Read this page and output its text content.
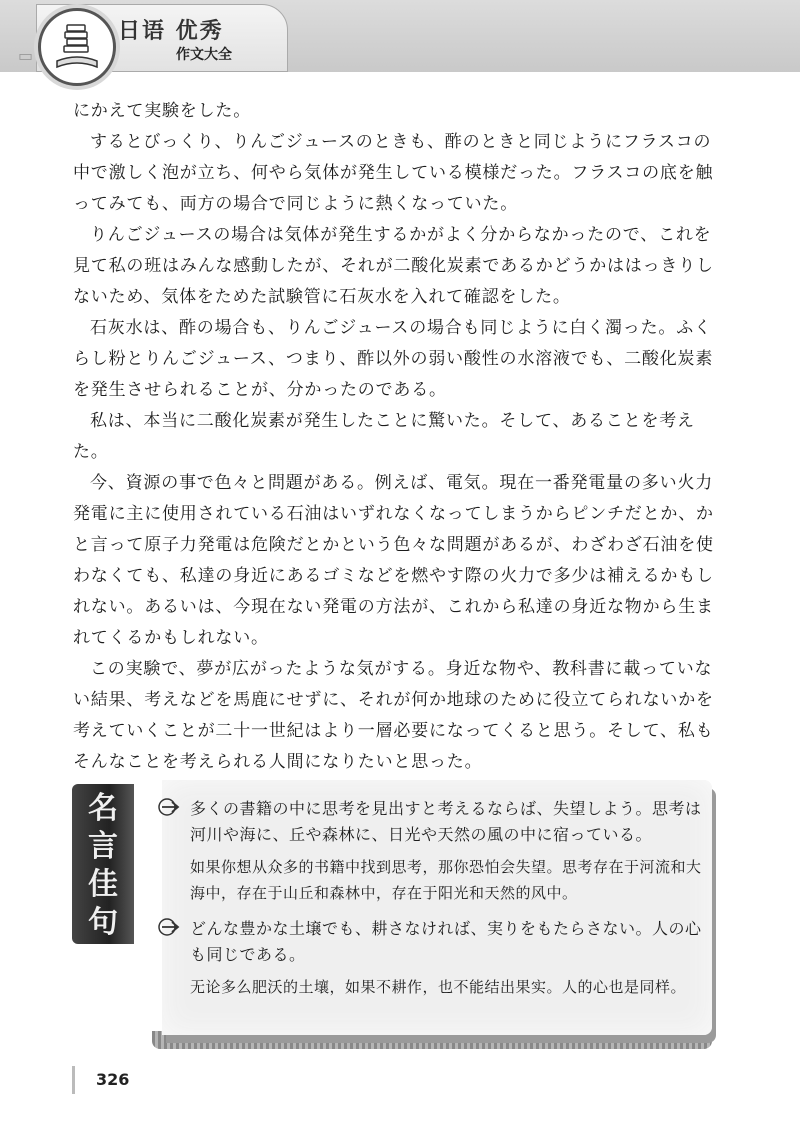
▭
日语 优秀
作文大全

にかえて実験をした。

するとびっくり、りんごジュースのときも、酢のときと同じようにフラスコの中で激しく泡が立ち、何やら気体が発生している模様だった。フラスコの底を触ってみても、両方の場合で同じように熱くなっていた。

りんごジュースの場合は気体が発生するかがよく分からなかったので、これを見て私の班はみんな感動したが、それが二酸化炭素であるかどうかははっきりしないため、気体をためた試験管に石灰水を入れて確認をした。

石灰水は、酢の場合も、りんごジュースの場合も同じように白く濁った。ふくらし粉とりんごジュース、つまり、酢以外の弱い酸性の水溶液でも、二酸化炭素を発生させられることが、分かったのである。

私は、本当に二酸化炭素が発生したことに驚いた。そして、あることを考えた。

今、資源の事で色々と問題がある。例えば、電気。現在一番発電量の多い火力発電に主に使用されている石油はいずれなくなってしまうからピンチだとか、かと言って原子力発電は危険だとかという色々な問題があるが、わざわざ石油を使わなくても、私達の身近にあるゴミなどを燃やす際の火力で多少は補えるかもしれない。あるいは、今現在ない発電の方法が、これから私達の身近な物から生まれてくるかもしれない。

この実験で、夢が広がったような気がする。身近な物や、教科書に載っていない結果、考えなどを馬鹿にせずに、それが何か地球のために役立てられないかを考えていくことが二十一世紀はより一層必要になってくると思う。そして、私もそんなことを考えられる人間になりたいと思った。

名言佳句
多くの書籍の中に思考を見出すと考えるならば、失望しよう。思考は河川や海に、丘や森林に、日光や天然の風の中に宿っている。
如果你想从众多的书籍中找到思考，那你恐怕会失望。思考存在于河流和大海中，存在于山丘和森林中，存在于阳光和天然的风中。
どんな豊かな土壌でも、耕さなければ、実りをもたらさない。人の心も同じである。
无论多么肥沃的土壤，如果不耕作，也不能结出果实。人的心也是同样。
326
